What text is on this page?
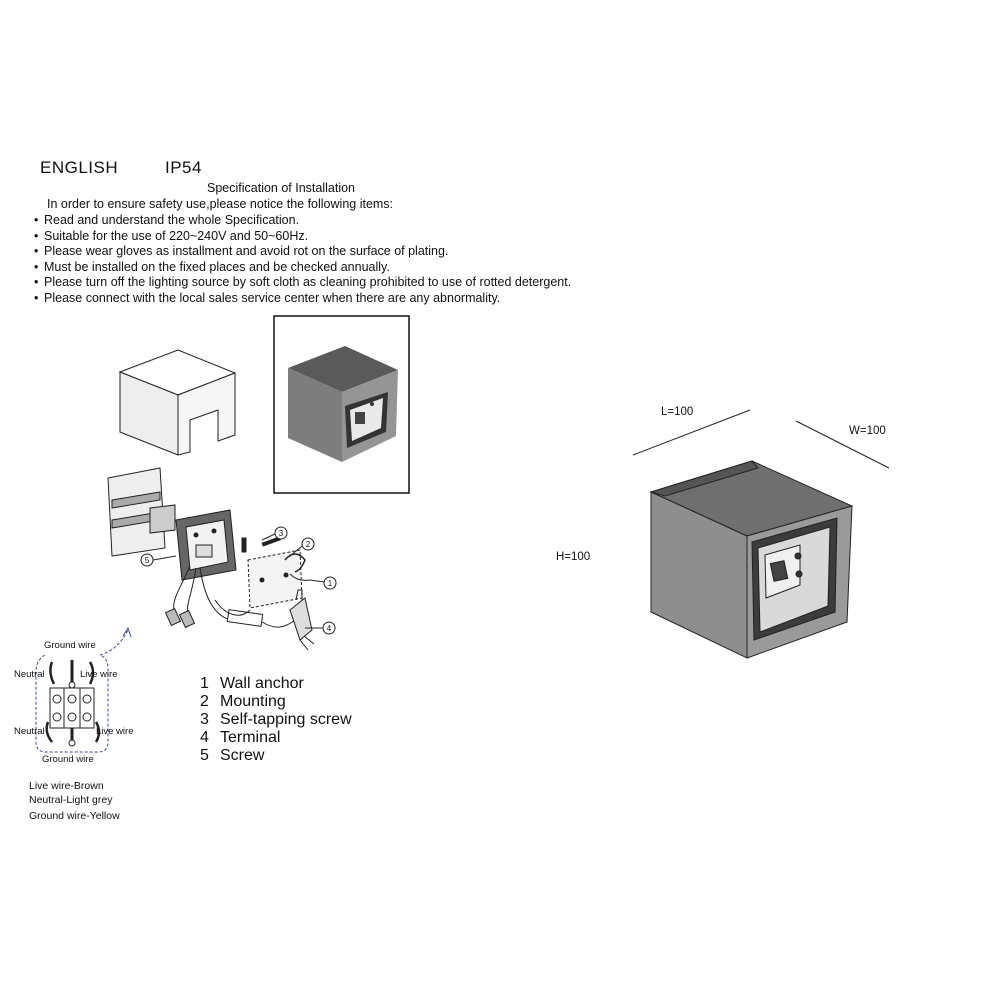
ENGLISH	IP54
Specification of Installation
In order to ensure safety use,please notice the following items:
• Read and understand the whole Specification.
• Suitable for the use of 220~240V and 50~60Hz.
• Please wear gloves as installment and avoid rot on the surface of plating.
• Must be installed on the fixed places and be checked annually.
• Please turn off the lighting source by soft cloth as cleaning prohibited to use of rotted detergent.
• Please connect with the local sales service center when there are any abnormality.
1
2
3
4
5
Ground wire
Neutral	Live wire
Neutral	Live wire
Ground wire
1 Wall anchor
2 Mounting
3 Self-tapping screw
4 Terminal
5 Screw
Live wire-Brown
Neutral-Light grey
Ground wire-Yellow
L=100
W=100
H=100
